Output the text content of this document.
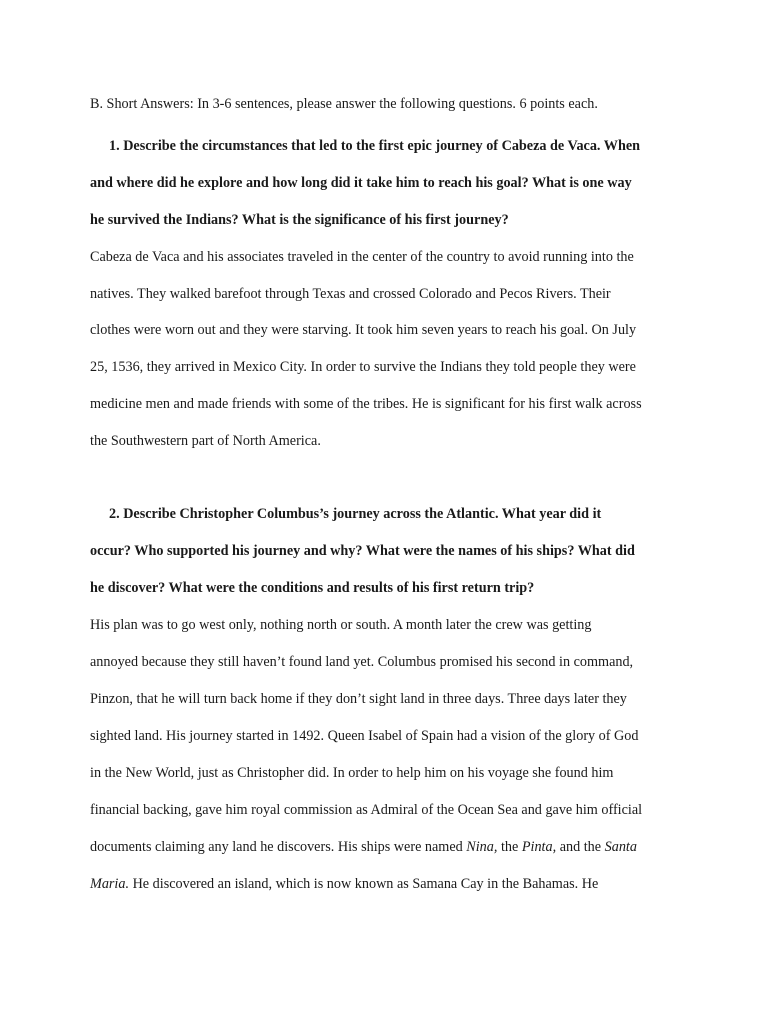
B. Short Answers: In 3-6 sentences, please answer the following questions. 6 points each.
1. Describe the circumstances that led to the first epic journey of Cabeza de Vaca. When
and where did he explore and how long did it take him to reach his goal? What is one way
he survived the Indians? What is the significance of his first journey?
Cabeza de Vaca and his associates traveled in the center of the country to avoid running into the
natives. They walked barefoot through Texas and crossed Colorado and Pecos Rivers. Their
clothes were worn out and they were starving. It took him seven years to reach his goal. On July
25, 1536, they arrived in Mexico City. In order to survive the Indians they told people they were
medicine men and made friends with some of the tribes. He is significant for his first walk across
the Southwestern part of North America.
2. Describe Christopher Columbus’s journey across the Atlantic. What year did it
occur? Who supported his journey and why? What were the names of his ships? What did
he discover? What were the conditions and results of his first return trip?
His plan was to go west only, nothing north or south. A month later the crew was getting
annoyed because they still haven’t found land yet. Columbus promised his second in command,
Pinzon, that he will turn back home if they don’t sight land in three days. Three days later they
sighted land. His journey started in 1492. Queen Isabel of Spain had a vision of the glory of God
in the New World, just as Christopher did. In order to help him on his voyage she found him
financial backing, gave him royal commission as Admiral of the Ocean Sea and gave him official
documents claiming any land he discovers. His ships were named Nina, the Pinta, and the Santa
Maria. He discovered an island, which is now known as Samana Cay in the Bahamas. He
